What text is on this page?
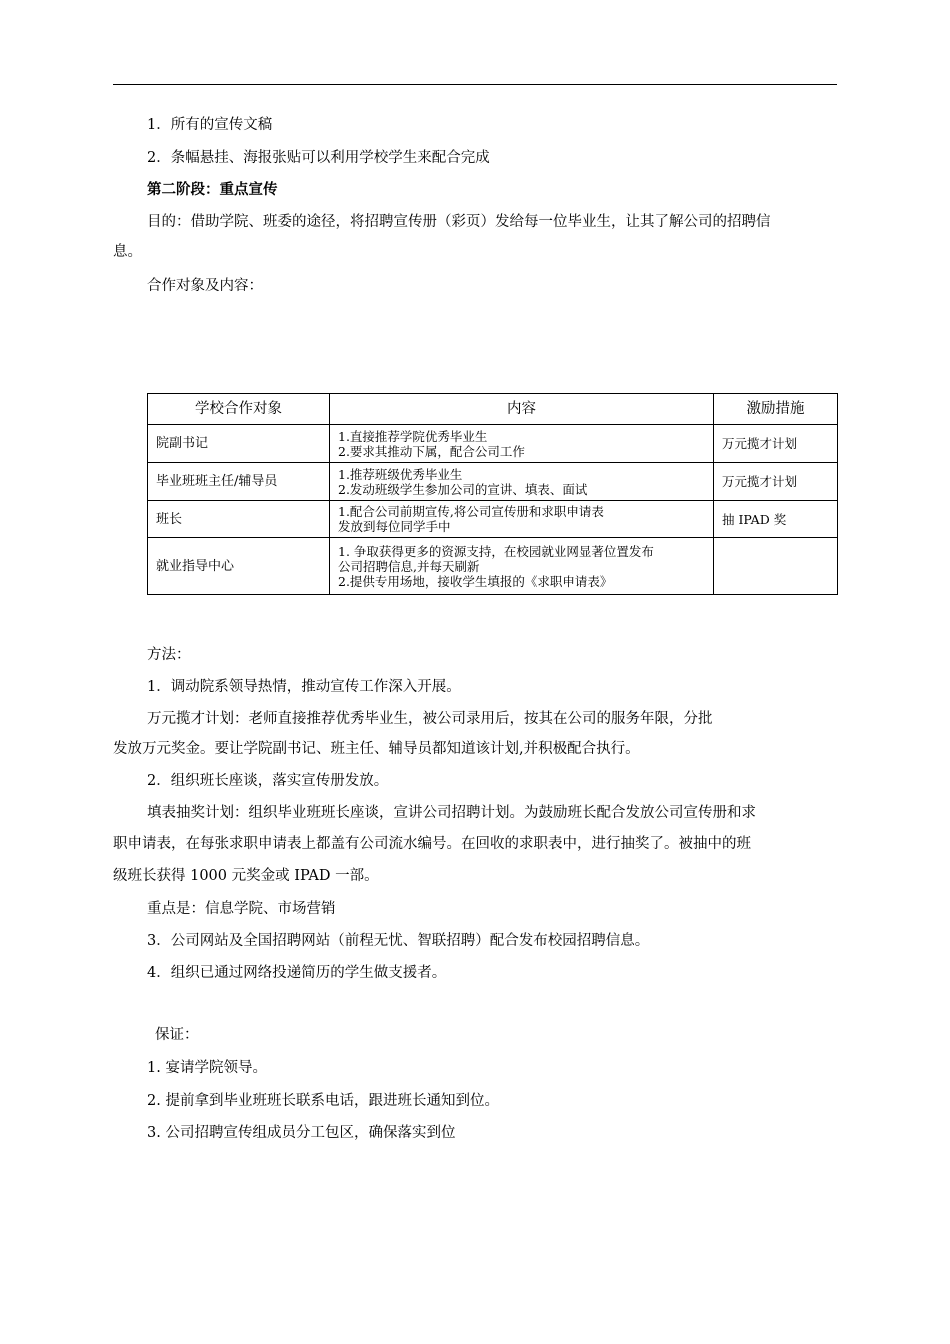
1．所有的宣传文稿
2．条幅悬挂、海报张贴可以利用学校学生来配合完成
第二阶段：重点宣传
目的：借助学院、班委的途径，将招聘宣传册（彩页）发给每一位毕业生，让其了解公司的招聘信
息。
合作对象及内容：
学校合作对象	内容	激励措施
院副书记	1.直接推荐学院优秀毕业生
2.要求其推动下属，配合公司工作	万元揽才计划
毕业班班主任/辅导员	1.推荐班级优秀毕业生
2.发动班级学生参加公司的宣讲、填表、面试	万元揽才计划
班长	1.配合公司前期宣传,将公司宣传册和求职申请表
发放到每位同学手中	抽 IPAD 奖
就业指导中心	1. 争取获得更多的资源支持，在校园就业网显著位置发布
公司招聘信息,并每天刷新
2.提供专用场地，接收学生填报的《求职申请表》	

方法：
1．调动院系领导热情，推动宣传工作深入开展。
万元揽才计划：老师直接推荐优秀毕业生，被公司录用后，按其在公司的服务年限，分批
发放万元奖金。要让学院副书记、班主任、辅导员都知道该计划,并积极配合执行。
2．组织班长座谈，落实宣传册发放。
填表抽奖计划：组织毕业班班长座谈，宣讲公司招聘计划。为鼓励班长配合发放公司宣传册和求
职申请表，在每张求职申请表上都盖有公司流水编号。在回收的求职表中，进行抽奖了。被抽中的班
级班长获得 1000 元奖金或 IPAD 一部。
重点是：信息学院、市场营销
3．公司网站及全国招聘网站（前程无忧、智联招聘）配合发布校园招聘信息。
4．组织已通过网络投递简历的学生做支援者。
保证：
1. 宴请学院领导。
2. 提前拿到毕业班班长联系电话，跟进班长通知到位。
3. 公司招聘宣传组成员分工包区，确保落实到位
